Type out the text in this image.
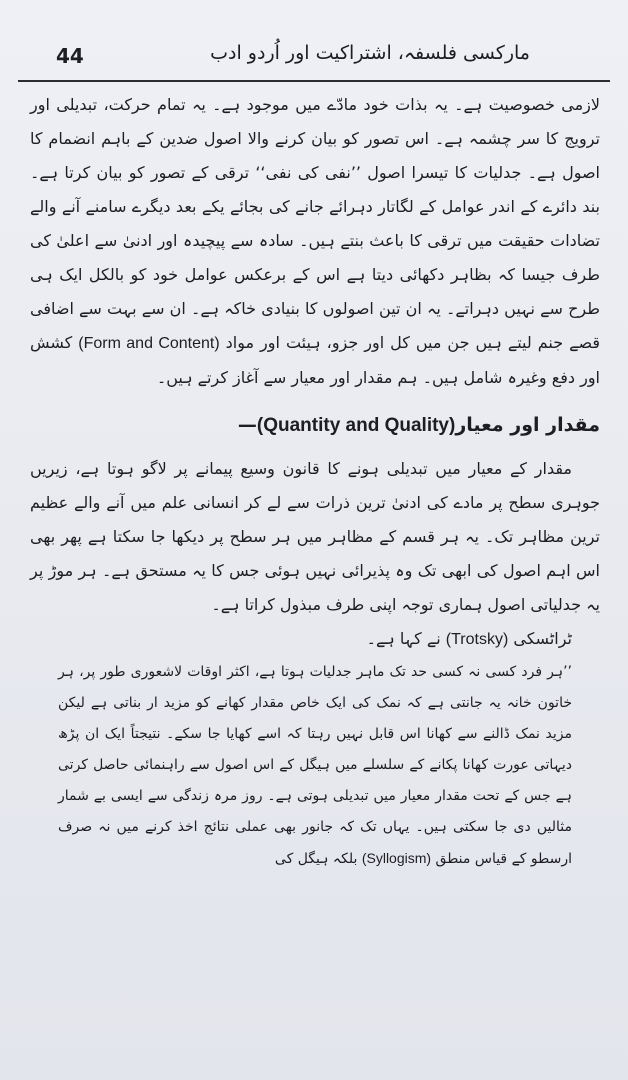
44	مارکسی فلسفہ، اشتراکیت اور اُردو ادب

لازمی خصوصیت ہے۔ یہ بذات خود مادّے میں موجود ہے۔ یہ تمام حرکت، تبدیلی اور ترویج کا سر چشمہ ہے۔ اس تصور کو بیان کرنے والا اصول ضدین کے باہم انضمام کا اصول ہے۔ جدلیات کا تیسرا اصول ’’نفی کی نفی‘‘ ترقی کے تصور کو بیان کرتا ہے۔ بند دائرے کے اندر عوامل کے لگاتار دہرائے جانے کی بجائے یکے بعد دیگرے سامنے آنے والے تضادات حقیقت میں ترقی کا باعث بنتے ہیں۔ سادہ سے پیچیدہ اور ادنیٰ سے اعلیٰ کی طرف جیسا کہ بظاہر دکھائی دیتا ہے اس کے برعکس عوامل خود کو بالکل ایک ہی طرح سے نہیں دہراتے۔ یہ ان تین اصولوں کا بنیادی خاکہ ہے۔ ان سے بہت سے اضافی قصے جنم لیتے ہیں جن میں کل اور جزو، ہیئت اور مواد (Form and Content) کشش اور دفع وغیرہ شامل ہیں۔ ہم مقدار اور معیار سے آغاز کرتے ہیں۔

مقدار اور معیار(Quantity and Quality)—

مقدار کے معیار میں تبدیلی ہونے کا قانون وسیع پیمانے پر لاگو ہوتا ہے، زیریں جوہری سطح پر مادے کی ادنیٰ ترین ذرات سے لے کر انسانی علم میں آنے والے عظیم ترین مظاہر تک۔ یہ ہر قسم کے مظاہر میں ہر سطح پر دیکھا جا سکتا ہے پھر بھی اس اہم اصول کی ابھی تک وہ پذیرائی نہیں ہوئی جس کا یہ مستحق ہے۔ ہر موڑ پر یہ جدلیاتی اصول ہماری توجہ اپنی طرف مبذول کراتا ہے۔

ٹراٹسکی (Trotsky) نے کہا ہے۔

’’ہر فرد کسی نہ کسی حد تک ماہر جدلیات ہوتا ہے، اکثر اوقات لاشعوری طور پر، ہر خاتون خانہ یہ جانتی ہے کہ نمک کی ایک خاص مقدار کھانے کو مزید ار بناتی ہے لیکن مزید نمک ڈالنے سے کھانا اس قابل نہیں رہتا کہ اسے کھایا جا سکے۔ نتیجتاً ایک ان پڑھ دیہاتی عورت کھانا پکانے کے سلسلے میں ہیگل کے اس اصول سے راہنمائی حاصل کرتی ہے جس کے تحت مقدار معیار میں تبدیلی ہوتی ہے۔ روز مرہ زندگی سے ایسی بے شمار مثالیں دی جا سکتی ہیں۔ یہاں تک کہ جانور بھی عملی نتائج اخذ کرنے میں نہ صرف ارسطو کے قیاس منطق (Syllogism) بلکہ ہیگل کی
